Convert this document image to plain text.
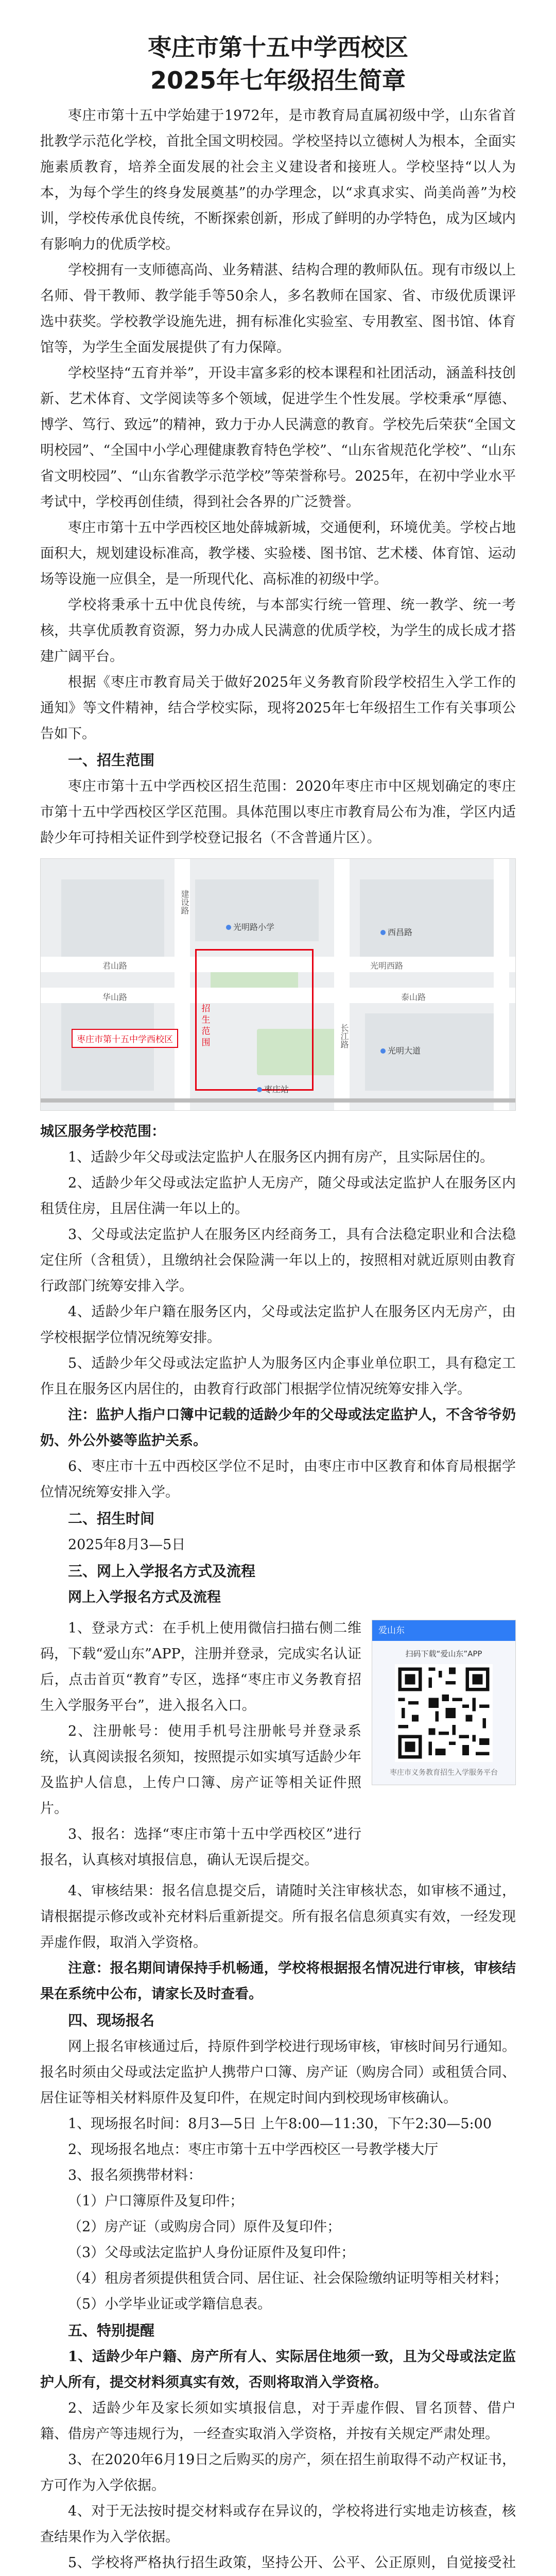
枣庄市第十五中学西校区
2025年七年级招生简章

枣庄市第十五中学始建于1972年，是市教育局直属初级中学，山东省首批教学示范化学校，首批全国文明校园。学校坚持以立德树人为根本，全面实施素质教育，培养全面发展的社会主义建设者和接班人。学校坚持“以人为本，为每个学生的终身发展奠基”的办学理念，以“求真求实、尚美尚善”为校训，学校传承优良传统，不断探索创新，形成了鲜明的办学特色，成为区域内有影响力的优质学校。

学校拥有一支师德高尚、业务精湛、结构合理的教师队伍。现有市级以上名师、骨干教师、教学能手等50余人，多名教师在国家、省、市级优质课评选中获奖。学校教学设施先进，拥有标准化实验室、专用教室、图书馆、体育馆等，为学生全面发展提供了有力保障。

学校坚持“五育并举”，开设丰富多彩的校本课程和社团活动，涵盖科技创新、艺术体育、文学阅读等多个领域，促进学生个性发展。学校秉承“厚德、博学、笃行、致远”的精神，致力于办人民满意的教育。学校先后荣获“全国文明校园”、“全国中小学心理健康教育特色学校”、“山东省规范化学校”、“山东省文明校园”、“山东省教学示范学校”等荣誉称号。2025年，在初中学业水平考试中，学校再创佳绩，得到社会各界的广泛赞誉。

枣庄市第十五中学西校区地处薛城新城，交通便利，环境优美。学校占地面积大，规划建设标准高，教学楼、实验楼、图书馆、艺术楼、体育馆、运动场等设施一应俱全，是一所现代化、高标准的初级中学。

学校将秉承十五中优良传统，与本部实行统一管理、统一教学、统一考核，共享优质教育资源，努力办成人民满意的优质学校，为学生的成长成才搭建广阔平台。

根据《枣庄市教育局关于做好2025年义务教育阶段学校招生入学工作的通知》等文件精神，结合学校实际，现将2025年七年级招生工作有关事项公告如下。

一、招生范围

枣庄市第十五中学西校区招生范围：2020年枣庄市中区规划确定的枣庄市第十五中学西校区学区范围。具体范围以枣庄市教育局公布为准，学区内适龄少年可持相关证件到学校登记报名（不含普通片区）。

君山路	光明西路
华山路	泰山路
建设路
长江路
招生范围
枣庄市第十五中学西校区
光明路小学
西昌路
光明大道
枣庄站

城区服务学校范围：

1、适龄少年父母或法定监护人在服务区内拥有房产，且实际居住的。

2、适龄少年父母或法定监护人无房产，随父母或法定监护人在服务区内租赁住房，且居住满一年以上的。

3、父母或法定监护人在服务区内经商务工，具有合法稳定职业和合法稳定住所（含租赁），且缴纳社会保险满一年以上的，按照相对就近原则由教育行政部门统筹安排入学。

4、适龄少年户籍在服务区内，父母或法定监护人在服务区内无房产，由学校根据学位情况统筹安排。

5、适龄少年父母或法定监护人为服务区内企事业单位职工，具有稳定工作且在服务区内居住的，由教育行政部门根据学位情况统筹安排入学。

注：监护人指户口簿中记载的适龄少年的父母或法定监护人，不含爷爷奶奶、外公外婆等监护关系。

6、枣庄市十五中西校区学位不足时，由枣庄市中区教育和体育局根据学位情况统筹安排入学。

二、招生时间

2025年8月3—5日

三、网上入学报名方式及流程
网上入学报名方式及流程

1、登录方式：在手机上使用微信扫描右侧二维码，下载“爱山东”APP，注册并登录，完成实名认证后，点击首页“教育”专区，选择“枣庄市义务教育招生入学服务平台”，进入报名入口。

2、注册帐号：使用手机号注册帐号并登录系统，认真阅读报名须知，按照提示如实填写适龄少年及监护人信息，上传户口簿、房产证等相关证件照片。

3、报名：选择“枣庄市第十五中学西校区”进行报名，认真核对填报信息，确认无误后提交。

爱山东
扫码下载“爱山东”APP
枣庄市义务教育招生入学服务平台

4、审核结果：报名信息提交后，请随时关注审核状态，如审核不通过，请根据提示修改或补充材料后重新提交。所有报名信息须真实有效，一经发现弄虚作假，取消入学资格。

注意：报名期间请保持手机畅通，学校将根据报名情况进行审核，审核结果在系统中公布，请家长及时查看。

四、现场报名

网上报名审核通过后，持原件到学校进行现场审核，审核时间另行通知。报名时须由父母或法定监护人携带户口簿、房产证（购房合同）或租赁合同、居住证等相关材料原件及复印件，在规定时间内到校现场审核确认。

1、现场报名时间：8月3—5日 上午8:00—11:30，下午2:30—5:00

2、现场报名地点：枣庄市第十五中学西校区一号教学楼大厅

3、报名须携带材料：

（1）户口簿原件及复印件；

（2）房产证（或购房合同）原件及复印件；

（3）父母或法定监护人身份证原件及复印件；

（4）租房者须提供租赁合同、居住证、社会保险缴纳证明等相关材料；

（5）小学毕业证或学籍信息表。

五、特别提醒

1、适龄少年户籍、房产所有人、实际居住地须一致，且为父母或法定监护人所有，提交材料须真实有效，否则将取消入学资格。

2、适龄少年及家长须如实填报信息，对于弄虚作假、冒名顶替、借户籍、借房产等违规行为，一经查实取消入学资格，并按有关规定严肃处理。

3、在2020年6月19日之后购买的房产，须在招生前取得不动产权证书，方可作为入学依据。

4、对于无法按时提交材料或存在异议的，学校将进行实地走访核查，核查结果作为入学依据。

5、学校将严格执行招生政策，坚持公开、公平、公正原则，自觉接受社
